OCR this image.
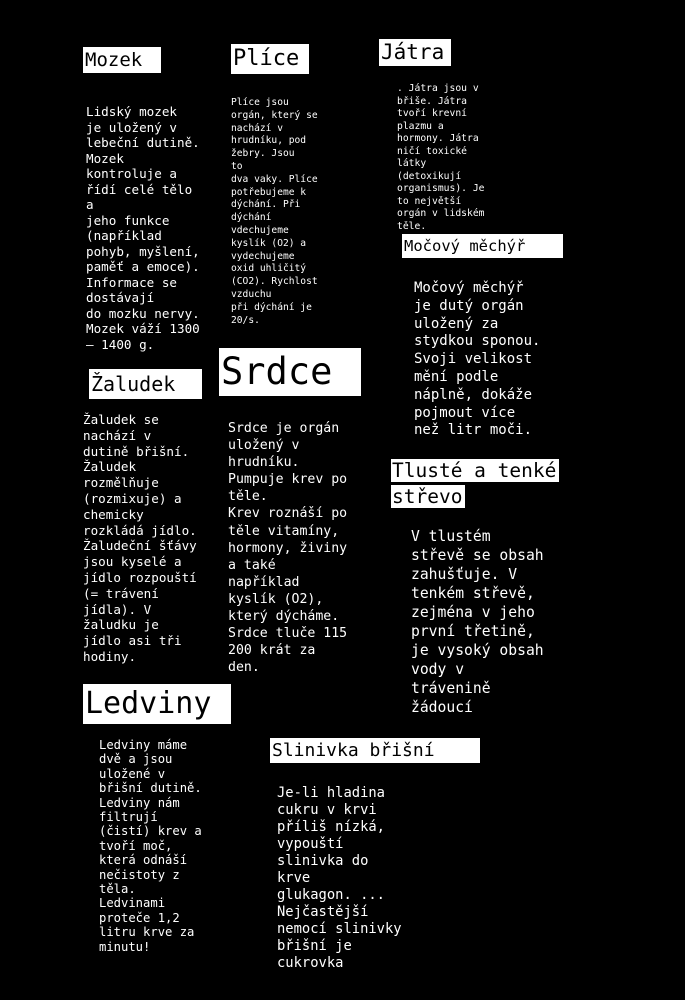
Mozek
Lidský mozek
je uložený v
lebeční dutině.
Mozek
kontroluje a
řídí celé tělo
a
jeho funkce
(například
pohyb, myšlení,
paměť a emoce).
Informace se
dostávají
do mozku nervy.
Mozek váží 1300
– 1400 g.
Plíce
Plíce jsou
orgán, který se
nachází v
hrudníku, pod
žebry. Jsou
to
dva vaky. Plíce
potřebujeme k
dýchání. Při
dýchání
vdechujeme
kyslík (O2) a
vydechujeme
oxid uhličitý
(CO2). Rychlost
vzduchu
při dýchání je
20/s.
Játra
. Játra jsou v
břiše. Játra
tvoří krevní
plazmu a
hormony. Játra
ničí toxické
látky
(detoxikují
organismus). Je
to největší
orgán v lidském
těle.
Močový měchýř
Močový měchýř
je dutý orgán
uložený za
stydkou sponou.
Svoji velikost
mění podle
náplně, dokáže
pojmout více
než litr moči.
Žaludek
Žaludek se
nachází v
dutině břišní.
Žaludek
rozmělňuje
(rozmixuje) a
chemicky
rozkládá jídlo.
Žaludeční šťávy
jsou kyselé a
jídlo rozpouští
(= trávení
jídla). V
žaludku je
jídlo asi tři
hodiny.
Srdce
Srdce je orgán
uložený v
hrudníku.
Pumpuje krev po
těle.
Krev roznáší po
těle vitamíny,
hormony, živiny
a také
například
kyslík (O2),
který dýcháme.
Srdce tluče 115
200 krát za
den.
Tlusté a tenké
střevo
V tlustém
střevě se obsah
zahušťuje. V
tenkém střevě,
zejména v jeho
první třetině,
je vysoký obsah
vody v
trávenině
žádoucí
Ledviny
Ledviny máme
dvě a jsou
uložené v
břišní dutině.
Ledviny nám
filtrují
(čistí) krev a
tvoří moč,
která odnáší
nečistoty z
těla.
Ledvinami
proteče 1,2
litru krve za
minutu!
Slinivka břišní
Je-li hladina
cukru v krvi
příliš nízká,
vypouští
slinivka do
krve
glukagon. ...
Nejčastější
nemocí slinivky
břišní je
cukrovka
